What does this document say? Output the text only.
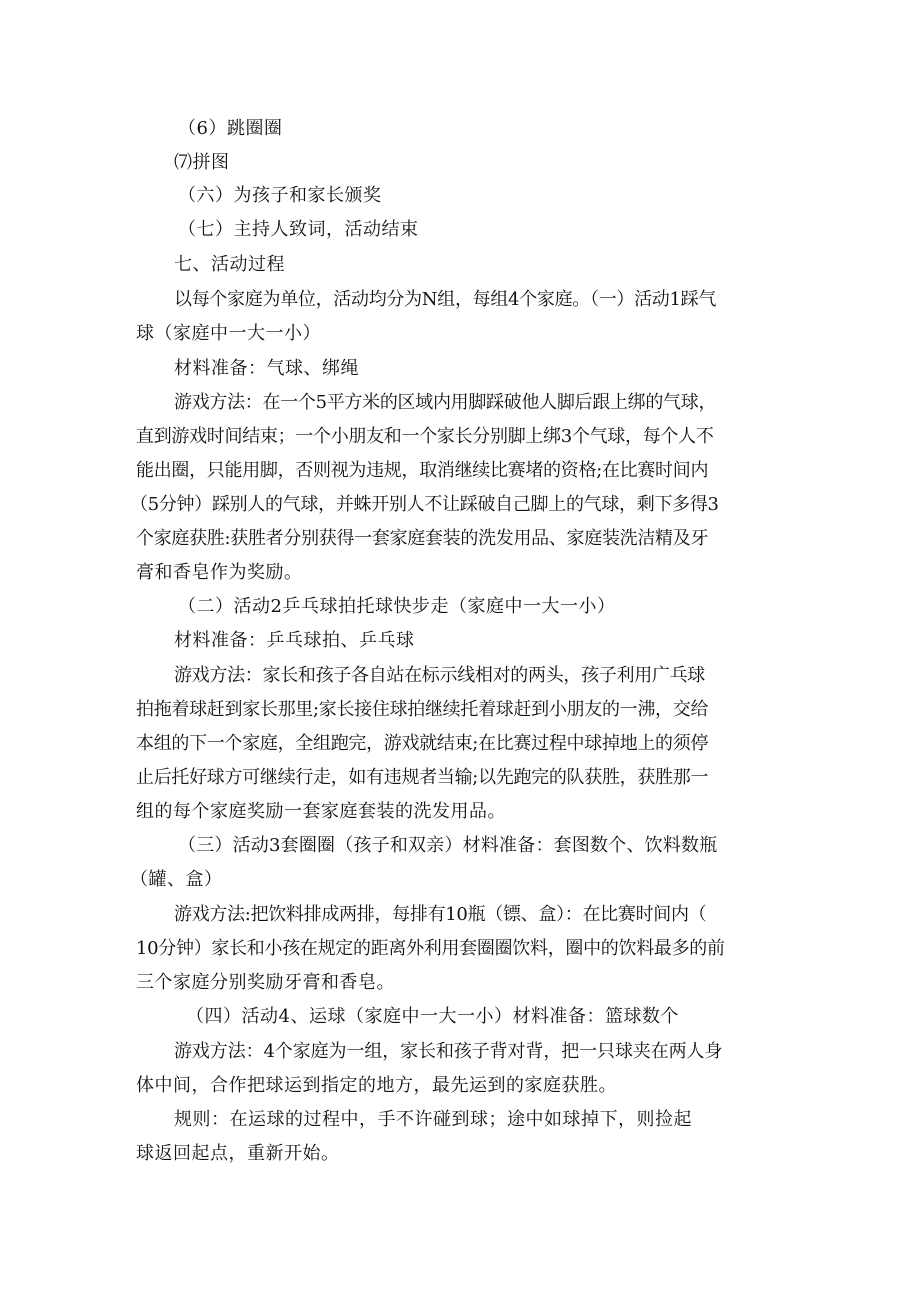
（6）跳圈圈
⑺拼图
（六）为孩子和家长颁奖
（七）主持人致词，活动结束
七、活动过程
以每个家庭为单位，活动均分为N组，每组4个家庭。（一）活动1踩气
球（家庭中一大一小）
材料准备：气球、绑绳
游戏方法：在一个5平方米的区域内用脚踩破他人脚后跟上绑的气球，
直到游戏时间结束；一个小朋友和一个家长分别脚上绑3个气球，每个人不
能出圈，只能用脚，否则视为违规，取消继续比赛堵的资格;在比赛时间内
（5分钟）踩别人的气球，并蛛开别人不让踩破自己脚上的气球，剩下多得3
个家庭获胜:获胜者分别获得一套家庭套装的洗发用品、家庭装洗洁精及牙
膏和香皂作为奖励。
（二）活动2乒乓球拍托球快步走（家庭中一大一小）
材料准备：乒乓球拍、乒乓球
游戏方法：家长和孩子各自站在标示线相对的两头，孩子利用广乓球
拍拖着球赶到家长那里;家长接住球拍继续托着球赶到小朋友的一沸，交给
本组的下一个家庭，全组跑完，游戏就结束;在比赛过程中球掉地上的须停
止后托好球方可继续行走，如有违规者当输;以先跑完的队获胜，获胜那一
组的每个家庭奖励一套家庭套装的洗发用品。
（三）活动3套圈圈（孩子和双亲）材料准备：套图数个、饮料数瓶
（罐、盒）
游戏方法:把饮料排成两排，每排有10瓶（镖、盒）：在比赛时间内（
10分钟）家长和小孩在规定的距离外利用套圈圈饮料，圈中的饮料最多的前
三个家庭分别奖励牙膏和香皂。
（四）活动4、运球（家庭中一大一小）材料准备：篮球数个
游戏方法：4个家庭为一组，家长和孩子背对背，把一只球夹在两人身
体中间，合作把球运到指定的地方，最先运到的家庭获胜。
规则：在运球的过程中，手不许碰到球；途中如球掉下，则捡起
球返回起点，重新开始。
